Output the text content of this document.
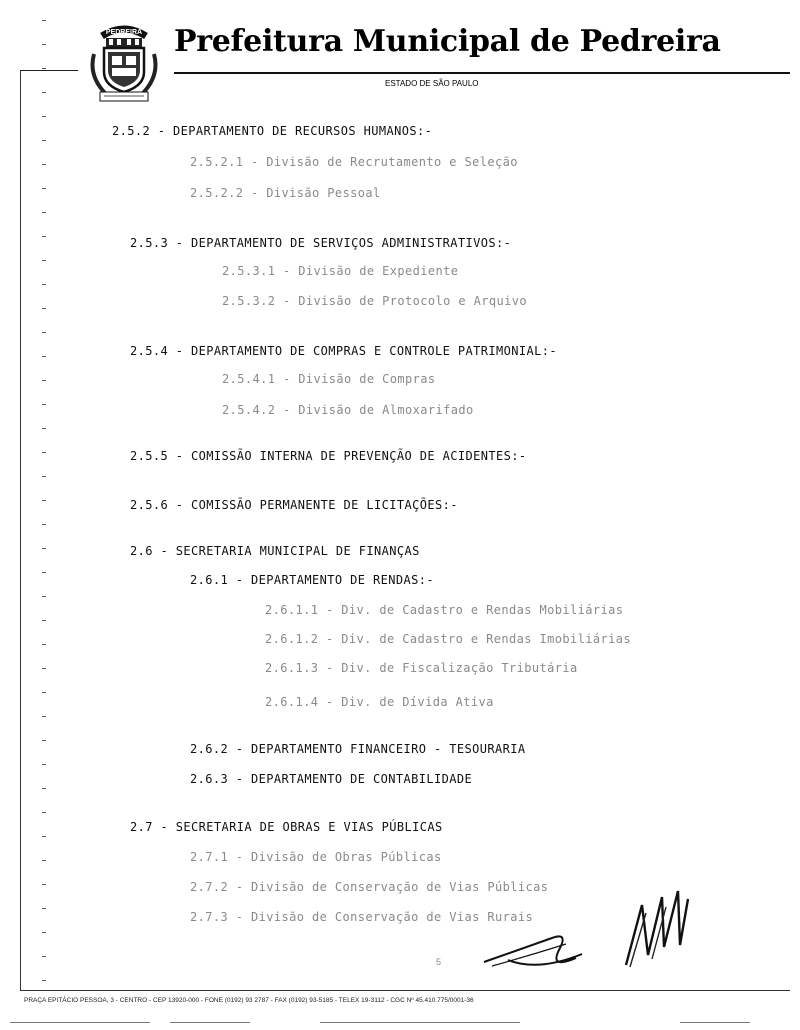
PEDREIRA Prefeitura Municipal de Pedreira
ESTADO DE SÃO PAULO
2.5.2 - DEPARTAMENTO DE RECURSOS HUMANOS:-
2.5.2.1 - Divisão de Recrutamento e Seleção
2.5.2.2 - Divisão Pessoal
2.5.3 - DEPARTAMENTO DE SERVIÇOS ADMINISTRATIVOS:-
2.5.3.1 - Divisão de Expediente
2.5.3.2 - Divisão de Protocolo e Arquivo
2.5.4 - DEPARTAMENTO DE COMPRAS E CONTROLE PATRIMONIAL:-
2.5.4.1 - Divisão de Compras
2.5.4.2 - Divisão de Almoxarifado
2.5.5 - COMISSÃO INTERNA DE PREVENÇÃO DE ACIDENTES:-
2.5.6 - COMISSÃO PERMANENTE DE LICITAÇÕES:-
2.6 - SECRETARIA MUNICIPAL DE FINANÇAS
2.6.1 - DEPARTAMENTO DE RENDAS:-
2.6.1.1 - Div. de Cadastro e Rendas Mobiliárias
2.6.1.2 - Div. de Cadastro e Rendas Imobiliárias
2.6.1.3 - Div. de Fiscalização Tributária
2.6.1.4 - Div. de Dívida Ativa
2.6.2 - DEPARTAMENTO FINANCEIRO - TESOURARIA
2.6.3 - DEPARTAMENTO DE CONTABILIDADE
2.7 - SECRETARIA DE OBRAS E VIAS PÚBLICAS
2.7.1 - Divisão de Obras Públicas
2.7.2 - Divisão de Conservação de Vias Públicas
2.7.3 - Divisão de Conservação de Vias Rurais
5
PRAÇA EPITÁCIO PESSOA, 3 - CENTRO - CEP 13920-000 - FONE (0192) 93 2787 - FAX (0192) 93-5185 - TELEX 19-3112 - CGC Nº 45.410.775/0001-36
